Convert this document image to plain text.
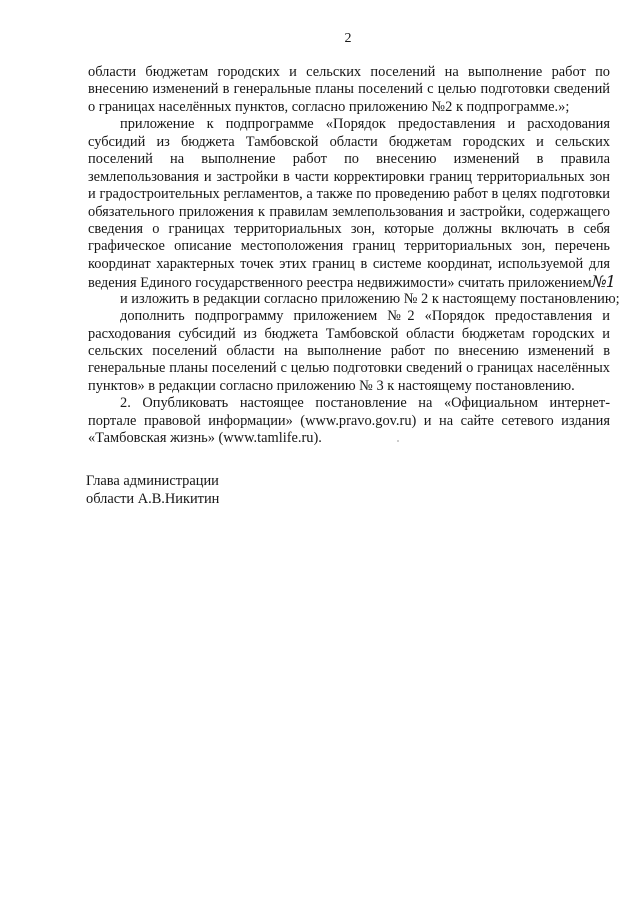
2
области бюджетам городских и сельских поселений на выполнение работ по
внесению изменений в генеральные планы поселений с целью подготовки сведений
о границах населённых пунктов, согласно приложению №2 к подпрограмме.»;
приложение к подпрограмме «Порядок предоставления и расходования
субсидий из бюджета Тамбовской области бюджетам городских и сельских
поселений на выполнение работ по внесению изменений в правила
землепользования и застройки в части корректировки границ территориальных зон
и градостроительных регламентов, а также по проведению работ в целях подготовки
обязательного приложения к правилам землепользования и застройки, содержащего
сведения о границах территориальных зон, которые должны включать в себя
графическое описание местоположения границ территориальных зон, перечень
координат характерных точек этих границ в системе координат, используемой для
ведения Единого государственного реестра недвижимости» считать приложением№1
и изложить в редакции согласно приложению № 2 к настоящему постановлению;
дополнить подпрограмму приложением №2 «Порядок предоставления и
расходования субсидий из бюджета Тамбовской области бюджетам городских и
сельских поселений области на выполнение работ по внесению изменений в
генеральные планы поселений с целью подготовки сведений о границах населённых
пунктов» в редакции согласно приложению № 3 к настоящему постановлению.
2. Опубликовать настоящее постановление на «Официальном интернет-
портале правовой информации» (www.pravo.gov.ru) и на сайте сетевого издания
«Тамбовская жизнь» (www.tamlife.ru).
Глава администрации
области А.В.Никитин
